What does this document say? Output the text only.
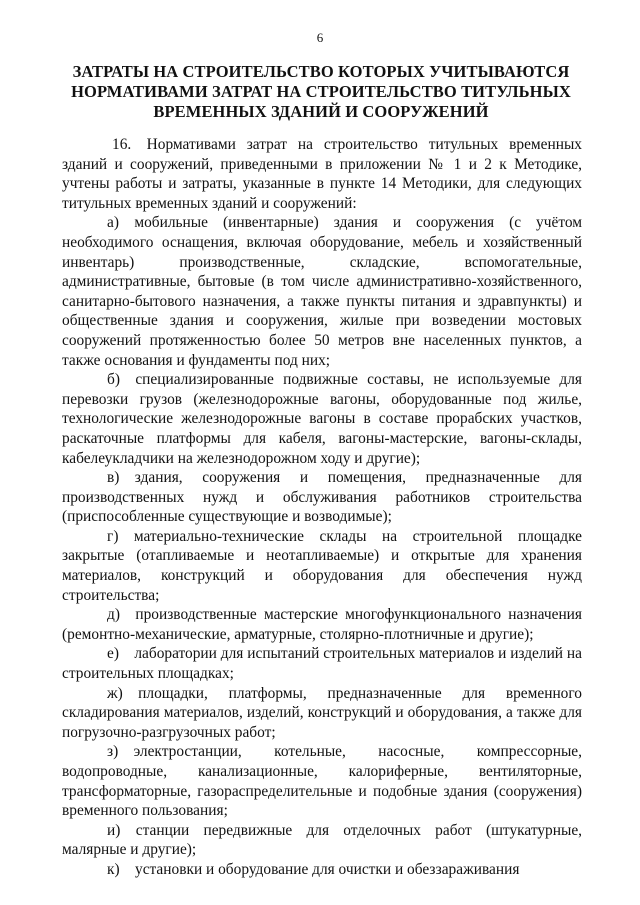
6
ЗАТРАТЫ НА СТРОИТЕЛЬСТВО КОТОРЫХ УЧИТЫВАЮТСЯ
НОРМАТИВАМИ ЗАТРАТ НА СТРОИТЕЛЬСТВО ТИТУЛЬНЫХ
ВРЕМЕННЫХ ЗДАНИЙ И СООРУЖЕНИЙ

16. Нормативами затрат на строительство титульных временных зданий и сооружений, приведенными в приложении № 1 и 2 к Методике, учтены работы и затраты, указанные в пункте 14 Методики, для следующих титульных временных зданий и сооружений:

а) мобильные (инвентарные) здания и сооружения (с учётом необходимого оснащения, включая оборудование, мебель и хозяйственный инвентарь) производственные, складские, вспомогательные, административные, бытовые (в том числе административно-хозяйственного, санитарно-бытового назначения, а также пункты питания и здравпункты) и общественные здания и сооружения, жилые при возведении мостовых сооружений протяженностью более 50 метров вне населенных пунктов, а также основания и фундаменты под них;

б) специализированные подвижные составы, не используемые для перевозки грузов (железнодорожные вагоны, оборудованные под жилье, технологические железнодорожные вагоны в составе прорабских участков, раскаточные платформы для кабеля, вагоны-мастерские, вагоны-склады, кабелеукладчики на железнодорожном ходу и другие);

в) здания, сооружения и помещения, предназначенные для производственных нужд и обслуживания работников строительства (приспособленные существующие и возводимые);

г) материально-технические склады на строительной площадке закрытые (отапливаемые и неотапливаемые) и открытые для хранения материалов, конструкций и оборудования для обеспечения нужд строительства;

д) производственные мастерские многофункционального назначения (ремонтно-механические, арматурные, столярно-плотничные и другие);

е) лаборатории для испытаний строительных материалов и изделий на строительных площадках;

ж) площадки, платформы, предназначенные для временного складирования материалов, изделий, конструкций и оборудования, а также для погрузочно-разгрузочных работ;

з) электростанции, котельные, насосные, компрессорные, водопроводные, канализационные, калориферные, вентиляторные, трансформаторные, газораспределительные и подобные здания (сооружения) временного пользования;

и) станции передвижные для отделочных работ (штукатурные, малярные и другие);

к) установки и оборудование для очистки и обеззараживания
